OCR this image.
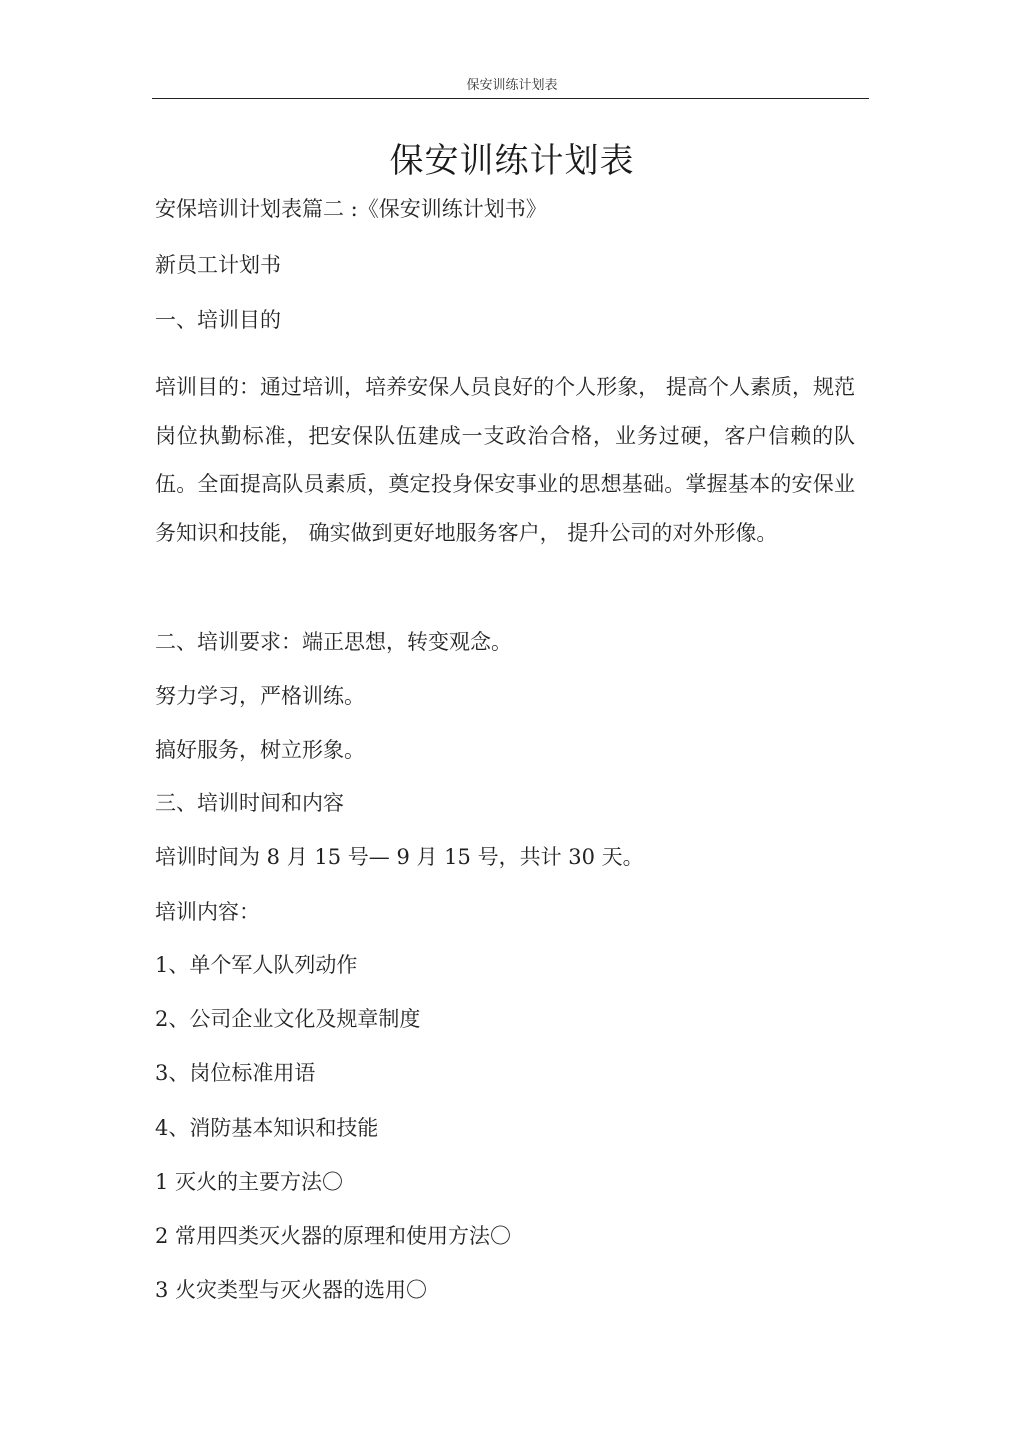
保安训练计划表
保安训练计划表
安保培训计划表篇二 :《保安训练计划书》
新员工计划书
一、培训目的
培训目的：通过培训，培养安保人员良好的个人形象， 提高个人素质，规范岗位执勤标准，把安保队伍建成一支政治合格，业务过硬，客户信赖的队伍。全面提高队员素质，奠定投身保安事业的思想基础。掌握基本的安保业务知识和技能， 确实做到更好地服务客户， 提升公司的对外形像。
二、培训要求：端正思想，转变观念。
努力学习，严格训练。
搞好服务，树立形象。
三、培训时间和内容
培训时间为 8 月 15 号— 9 月 15 号，共计 30 天。
培训内容：
1、单个军人队列动作
2、公司企业文化及规章制度
3、岗位标准用语
4、消防基本知识和技能
1 灭火的主要方法〇
2 常用四类灭火器的原理和使用方法〇
3 火灾类型与灭火器的选用〇
